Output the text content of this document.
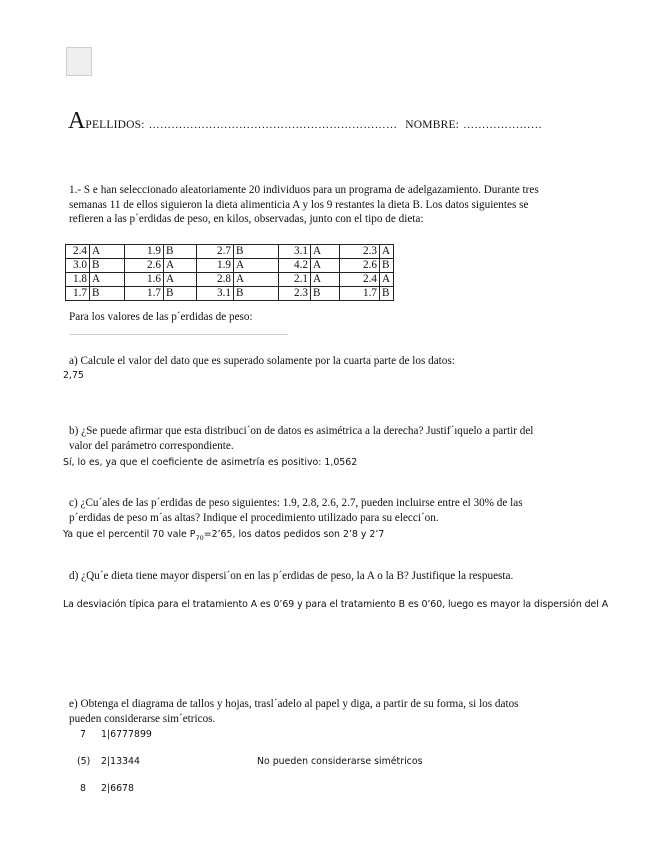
APELLIDOS: ………………………………………………………… NOMBRE: …………………
1.- S e han seleccionado aleatoriamente 20 individuos para un programa de adelgazamiento. Durante tres
semanas 11 de ellos siguieron la dieta alimenticia A y los 9 restantes la dieta B. Los datos siguientes se
refieren a las p´erdidas de peso, en kilos, observadas, junto con el tipo de dieta:
2.4	A	1.9	B	2.7	B	3.1	A	2.3	A
3.0	B	2.6	A	1.9	A	4.2	A	2.6	B
1.8	A	1.6	A	2.8	A	2.1	A	2.4	A
1.7	B	1.7	B	3.1	B	2.3	B	1.7	B
Para los valores de las p´erdidas de peso:
a) Calcule el valor del dato que es superado solamente por la cuarta parte de los datos:
2,75
b) ¿Se puede afirmar que esta distribuci´on de datos es asimétrica a la derecha? Justif´ıquelo a partir del
valor del parámetro correspondiente.
Sí, lo es, ya que el coeficiente de asimetría es positivo: 1,0562
c) ¿Cu´ales de las p´erdidas de peso siguientes: 1.9, 2.8, 2.6, 2.7, pueden incluirse entre el 30% de las
p´erdidas de peso m´as altas? Indique el procedimiento utilizado para su elecci´on.
Ya que el percentil 70 vale $P_{70}=2’65$, los datos pedidos son 2’8 y 2’7
d) ¿Qu´e dieta tiene mayor dispersi´on en las p´erdidas de peso, la A o la B? Justifique la respuesta.
La desviación típica para el tratamiento A es 0’69 y para el tratamiento B es 0’60, luego es mayor la dispersión del A
e) Obtenga el diagrama de tallos y hojas, trasl´adelo al papel y diga, a partir de su forma, si los datos
pueden considerarse sim´etricos.
7 1|6777899
(5) 2|13344
8 2|6678
No pueden considerarse simétricos
